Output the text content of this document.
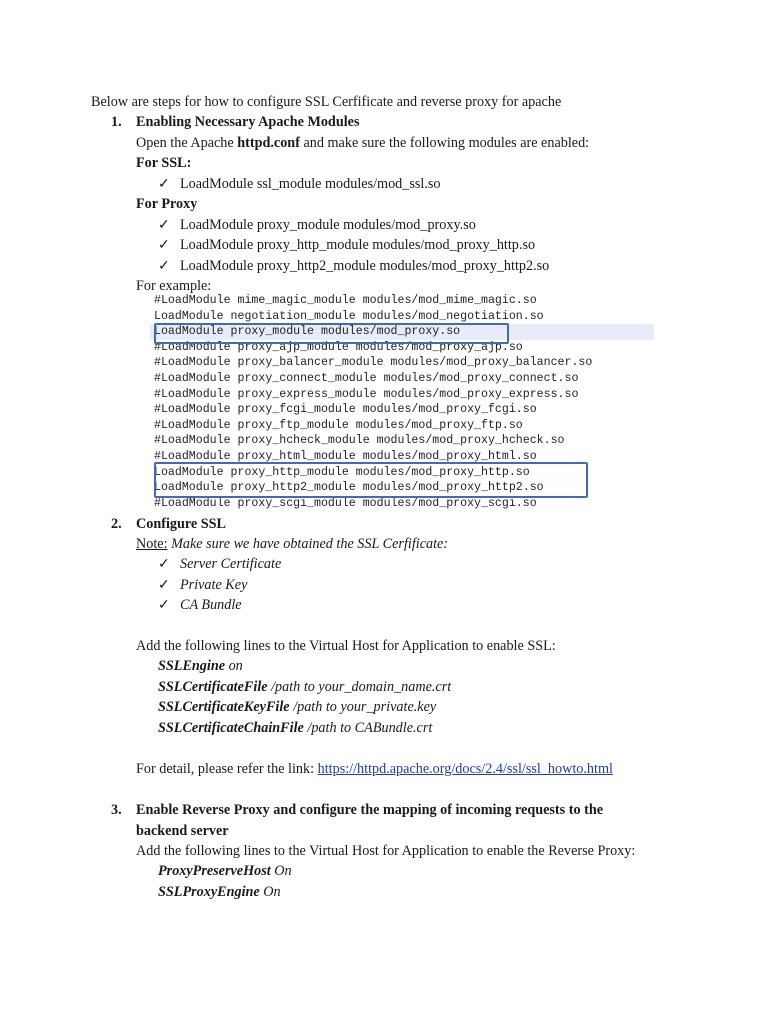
Below are steps for how to configure SSL Cerfificate and reverse proxy for apache
1. Enabling Necessary Apache Modules
Open the Apache httpd.conf and make sure the following modules are enabled:
For SSL:
✓ LoadModule ssl_module modules/mod_ssl.so
For Proxy
✓ LoadModule proxy_module modules/mod_proxy.so
✓ LoadModule proxy_http_module modules/mod_proxy_http.so
✓ LoadModule proxy_http2_module modules/mod_proxy_http2.so
For example:
#LoadModule mime_magic_module modules/mod_mime_magic.so
LoadModule negotiation_module modules/mod_negotiation.so
LoadModule proxy_module modules/mod_proxy.so
#LoadModule proxy_ajp_module modules/mod_proxy_ajp.so
#LoadModule proxy_balancer_module modules/mod_proxy_balancer.so
#LoadModule proxy_connect_module modules/mod_proxy_connect.so
#LoadModule proxy_express_module modules/mod_proxy_express.so
#LoadModule proxy_fcgi_module modules/mod_proxy_fcgi.so
#LoadModule proxy_ftp_module modules/mod_proxy_ftp.so
#LoadModule proxy_hcheck_module modules/mod_proxy_hcheck.so
#LoadModule proxy_html_module modules/mod_proxy_html.so
LoadModule proxy_http_module modules/mod_proxy_http.so
LoadModule proxy_http2_module modules/mod_proxy_http2.so
#LoadModule proxy_scgi_module modules/mod_proxy_scgi.so
2. Configure SSL
Note: Make sure we have obtained the SSL Cerfificate:
✓ Server Certificate
✓ Private Key
✓ CA Bundle
Add the following lines to the Virtual Host for Application to enable SSL:
SSLEngine on
SSLCertificateFile /path to your_domain_name.crt
SSLCertificateKeyFile /path to your_private.key
SSLCertificateChainFile /path to CABundle.crt
For detail, please refer the link: https://httpd.apache.org/docs/2.4/ssl/ssl_howto.html
3. Enable Reverse Proxy and configure the mapping of incoming requests to the
backend server
Add the following lines to the Virtual Host for Application to enable the Reverse Proxy:
ProxyPreserveHost On
SSLProxyEngine On
